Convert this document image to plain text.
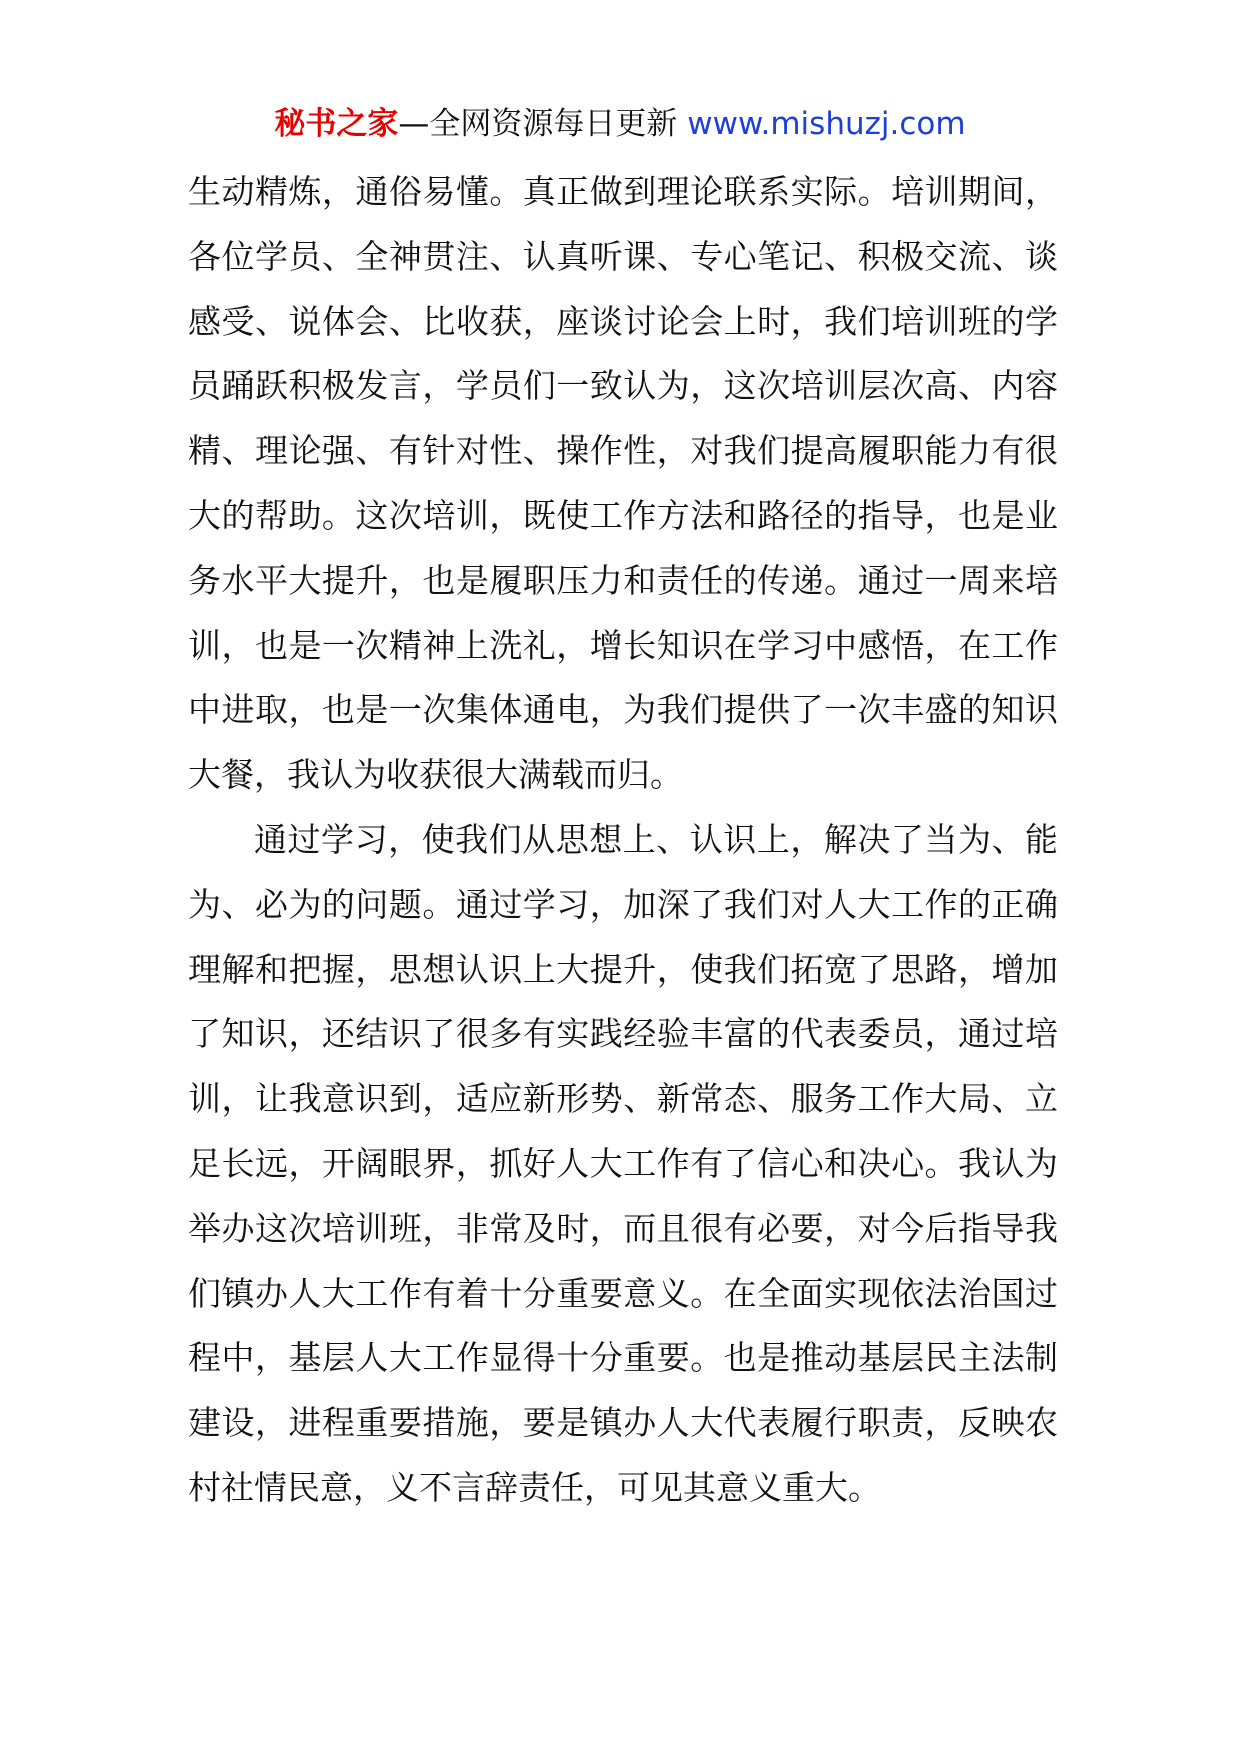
秘书之家—全网资源每日更新 www.mishuzj.com

生动精炼，通俗易懂。真正做到理论联系实际。培训期间，各位学员、全神贯注、认真听课、专心笔记、积极交流、谈感受、说体会、比收获，座谈讨论会上时，我们培训班的学员踊跃积极发言，学员们一致认为，这次培训层次高、内容精、理论强、有针对性、操作性，对我们提高履职能力有很大的帮助。这次培训，既使工作方法和路径的指导，也是业务水平大提升，也是履职压力和责任的传递。通过一周来培训，也是一次精神上洗礼，增长知识在学习中感悟，在工作中进取，也是一次集体通电，为我们提供了一次丰盛的知识大餐，我认为收获很大满载而归。

通过学习，使我们从思想上、认识上，解决了当为、能为、必为的问题。通过学习，加深了我们对人大工作的正确理解和把握，思想认识上大提升，使我们拓宽了思路，增加了知识，还结识了很多有实践经验丰富的代表委员，通过培训，让我意识到，适应新形势、新常态、服务工作大局、立足长远，开阔眼界，抓好人大工作有了信心和决心。我认为举办这次培训班，非常及时，而且很有必要，对今后指导我们镇办人大工作有着十分重要意义。在全面实现依法治国过程中，基层人大工作显得十分重要。也是推动基层民主法制建设，进程重要措施，要是镇办人大代表履行职责，反映农村社情民意，义不言辞责任，可见其意义重大。
